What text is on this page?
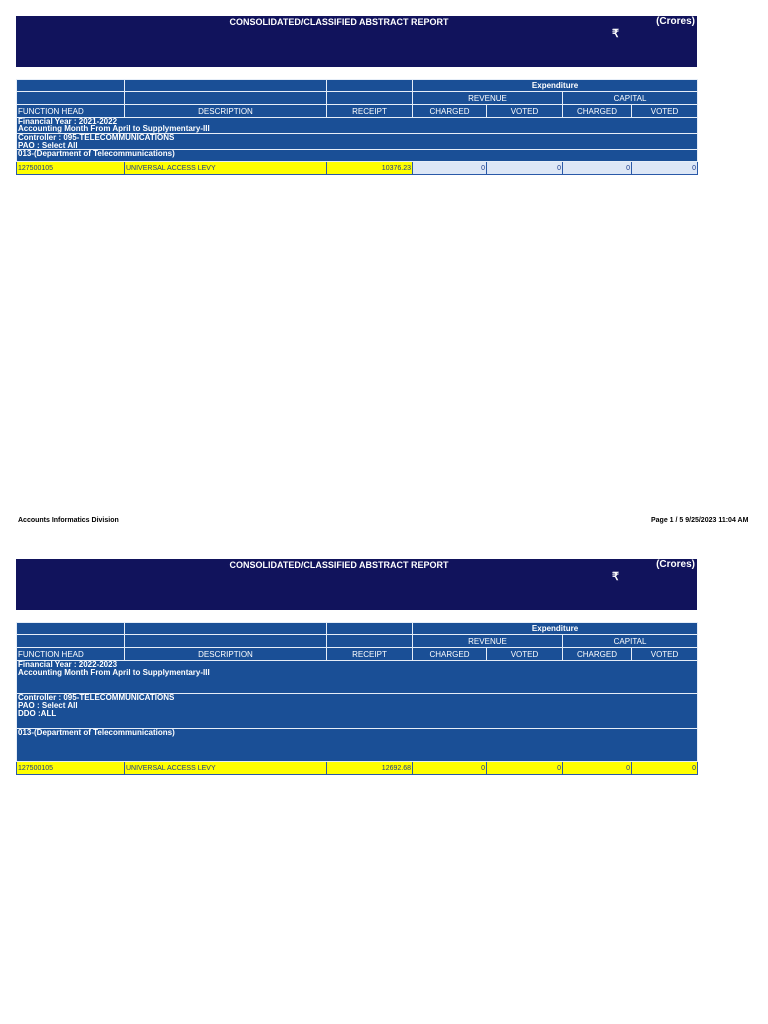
CONSOLIDATED/CLASSIFIED ABSTRACT REPORT	(Crores)
₹
			Expenditure			
			REVENUE		CAPITAL	
FUNCTION HEAD	DESCRIPTION	RECEIPT	CHARGED	VOTED	CHARGED	VOTED

Financial Year : 2021-2022
Accounting Month From April to Supplymentary-III						

Controller : 095-TELECOMMUNICATIONS
PAO : Select All						

013-(Department of Telecommunications)						
127500105	UNIVERSAL ACCESS LEVY	10376.23	0	0	0	0
Accounts Informatics Division	Page 1 / 5 9/25/2023 11:04 AM
CONSOLIDATED/CLASSIFIED ABSTRACT REPORT	(Crores)
₹
			Expenditure			
			REVENUE		CAPITAL	
FUNCTION HEAD	DESCRIPTION	RECEIPT	CHARGED	VOTED	CHARGED	VOTED

Financial Year : 2022-2023
Accounting Month From April to Supplymentary-III						

Controller : 095-TELECOMMUNICATIONS
PAO : Select All
DDO :ALL						

013-(Department of Telecommunications)						
127500105	UNIVERSAL ACCESS LEVY	12692.68	0	0	0	0
